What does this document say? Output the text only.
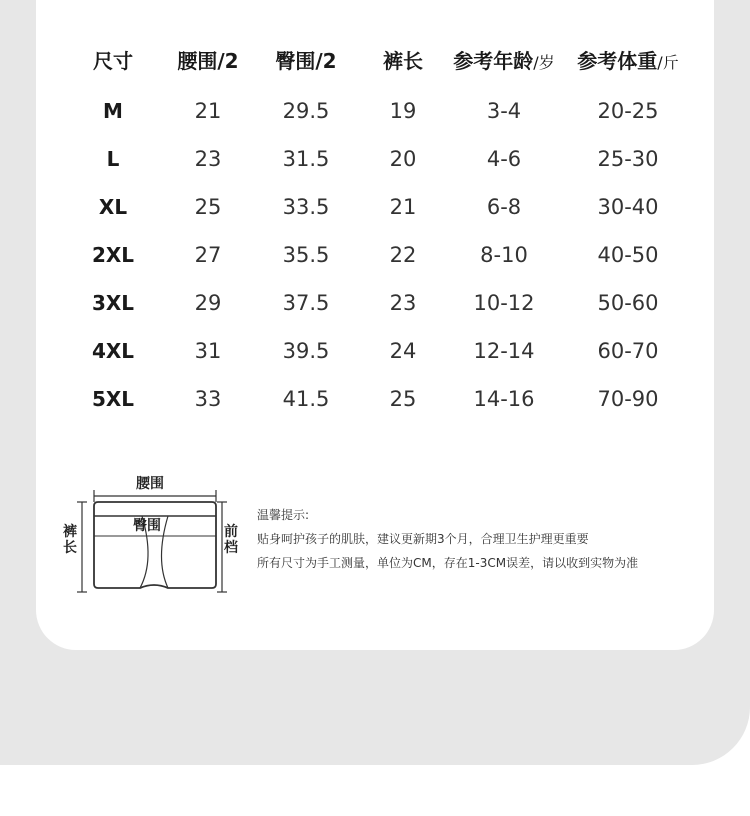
尺寸	腰围/2	臀围/2	裤长	参考年龄/岁	参考体重/斤
M	21	29.5	19	3-4	20-25
L	23	31.5	20	4-6	25-30
XL	25	33.5	21	6-8	30-40
2XL	27	35.5	22	8-10	40-50
3XL	29	37.5	23	10-12	50-60
4XL	31	39.5	24	12-14	60-70
5XL	33	41.5	25	14-16	70-90
腰围
臀围
裤长
前档
温馨提示:
贴身呵护孩子的肌肤，建议更新期3个月，合理卫生护理更重要
所有尺寸为手工测量，单位为CM，存在1-3CM误差，请以收到实物为准
